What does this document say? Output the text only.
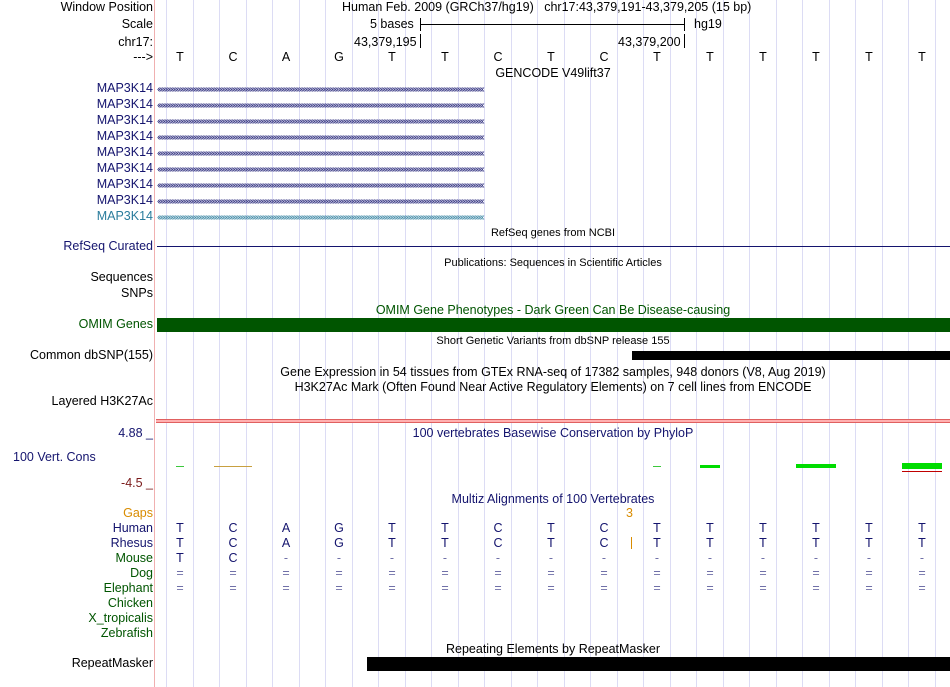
Window Position	Human Feb. 2009 (GRCh37/hg19) chr17:43,379,191-43,379,205 (15 bp)
Scale	5 bases	hg19
chr17:	43,379,195	43,379,200
--->	T	C	A	G	T	T	C	T	C	T	T	T	T	T	T
GENCODE V49lift37
MAP3K14 ‹‹‹‹‹‹‹‹‹‹‹‹‹‹‹‹‹‹‹‹‹‹‹‹‹‹‹‹‹‹‹‹‹‹‹‹‹‹‹‹‹‹‹‹‹‹‹‹‹‹‹‹‹‹‹‹‹‹‹‹‹‹‹‹‹‹‹‹‹‹‹‹‹‹‹‹‹‹‹‹‹‹‹‹‹‹‹‹‹‹‹‹‹‹‹‹‹‹‹‹‹‹‹‹‹‹‹‹‹‹‹‹‹‹‹‹‹‹‹‹‹‹‹‹‹‹‹‹‹‹‹‹‹‹‹‹‹‹‹‹‹‹‹‹‹‹‹‹‹‹‹‹‹‹‹‹‹‹‹‹‹‹‹‹‹‹‹‹‹‹‹‹‹‹‹‹‹‹‹‹‹‹‹‹‹‹‹‹‹‹‹‹‹‹‹‹‹‹‹‹
MAP3K14 ‹‹‹‹‹‹‹‹‹‹‹‹‹‹‹‹‹‹‹‹‹‹‹‹‹‹‹‹‹‹‹‹‹‹‹‹‹‹‹‹‹‹‹‹‹‹‹‹‹‹‹‹‹‹‹‹‹‹‹‹‹‹‹‹‹‹‹‹‹‹‹‹‹‹‹‹‹‹‹‹‹‹‹‹‹‹‹‹‹‹‹‹‹‹‹‹‹‹‹‹‹‹‹‹‹‹‹‹‹‹‹‹‹‹‹‹‹‹‹‹‹‹‹‹‹‹‹‹‹‹‹‹‹‹‹‹‹‹‹‹‹‹‹‹‹‹‹‹‹‹‹‹‹‹‹‹‹‹‹‹‹‹‹‹‹‹‹‹‹‹‹‹‹‹‹‹‹‹‹‹‹‹‹‹‹‹‹‹‹‹‹‹‹‹‹‹‹‹‹‹
MAP3K14 ‹‹‹‹‹‹‹‹‹‹‹‹‹‹‹‹‹‹‹‹‹‹‹‹‹‹‹‹‹‹‹‹‹‹‹‹‹‹‹‹‹‹‹‹‹‹‹‹‹‹‹‹‹‹‹‹‹‹‹‹‹‹‹‹‹‹‹‹‹‹‹‹‹‹‹‹‹‹‹‹‹‹‹‹‹‹‹‹‹‹‹‹‹‹‹‹‹‹‹‹‹‹‹‹‹‹‹‹‹‹‹‹‹‹‹‹‹‹‹‹‹‹‹‹‹‹‹‹‹‹‹‹‹‹‹‹‹‹‹‹‹‹‹‹‹‹‹‹‹‹‹‹‹‹‹‹‹‹‹‹‹‹‹‹‹‹‹‹‹‹‹‹‹‹‹‹‹‹‹‹‹‹‹‹‹‹‹‹‹‹‹‹‹‹‹‹‹‹‹‹
MAP3K14 ‹‹‹‹‹‹‹‹‹‹‹‹‹‹‹‹‹‹‹‹‹‹‹‹‹‹‹‹‹‹‹‹‹‹‹‹‹‹‹‹‹‹‹‹‹‹‹‹‹‹‹‹‹‹‹‹‹‹‹‹‹‹‹‹‹‹‹‹‹‹‹‹‹‹‹‹‹‹‹‹‹‹‹‹‹‹‹‹‹‹‹‹‹‹‹‹‹‹‹‹‹‹‹‹‹‹‹‹‹‹‹‹‹‹‹‹‹‹‹‹‹‹‹‹‹‹‹‹‹‹‹‹‹‹‹‹‹‹‹‹‹‹‹‹‹‹‹‹‹‹‹‹‹‹‹‹‹‹‹‹‹‹‹‹‹‹‹‹‹‹‹‹‹‹‹‹‹‹‹‹‹‹‹‹‹‹‹‹‹‹‹‹‹‹‹‹‹‹‹‹
MAP3K14 ‹‹‹‹‹‹‹‹‹‹‹‹‹‹‹‹‹‹‹‹‹‹‹‹‹‹‹‹‹‹‹‹‹‹‹‹‹‹‹‹‹‹‹‹‹‹‹‹‹‹‹‹‹‹‹‹‹‹‹‹‹‹‹‹‹‹‹‹‹‹‹‹‹‹‹‹‹‹‹‹‹‹‹‹‹‹‹‹‹‹‹‹‹‹‹‹‹‹‹‹‹‹‹‹‹‹‹‹‹‹‹‹‹‹‹‹‹‹‹‹‹‹‹‹‹‹‹‹‹‹‹‹‹‹‹‹‹‹‹‹‹‹‹‹‹‹‹‹‹‹‹‹‹‹‹‹‹‹‹‹‹‹‹‹‹‹‹‹‹‹‹‹‹‹‹‹‹‹‹‹‹‹‹‹‹‹‹‹‹‹‹‹‹‹‹‹‹‹‹‹
MAP3K14 ‹‹‹‹‹‹‹‹‹‹‹‹‹‹‹‹‹‹‹‹‹‹‹‹‹‹‹‹‹‹‹‹‹‹‹‹‹‹‹‹‹‹‹‹‹‹‹‹‹‹‹‹‹‹‹‹‹‹‹‹‹‹‹‹‹‹‹‹‹‹‹‹‹‹‹‹‹‹‹‹‹‹‹‹‹‹‹‹‹‹‹‹‹‹‹‹‹‹‹‹‹‹‹‹‹‹‹‹‹‹‹‹‹‹‹‹‹‹‹‹‹‹‹‹‹‹‹‹‹‹‹‹‹‹‹‹‹‹‹‹‹‹‹‹‹‹‹‹‹‹‹‹‹‹‹‹‹‹‹‹‹‹‹‹‹‹‹‹‹‹‹‹‹‹‹‹‹‹‹‹‹‹‹‹‹‹‹‹‹‹‹‹‹‹‹‹‹‹‹‹
MAP3K14 ‹‹‹‹‹‹‹‹‹‹‹‹‹‹‹‹‹‹‹‹‹‹‹‹‹‹‹‹‹‹‹‹‹‹‹‹‹‹‹‹‹‹‹‹‹‹‹‹‹‹‹‹‹‹‹‹‹‹‹‹‹‹‹‹‹‹‹‹‹‹‹‹‹‹‹‹‹‹‹‹‹‹‹‹‹‹‹‹‹‹‹‹‹‹‹‹‹‹‹‹‹‹‹‹‹‹‹‹‹‹‹‹‹‹‹‹‹‹‹‹‹‹‹‹‹‹‹‹‹‹‹‹‹‹‹‹‹‹‹‹‹‹‹‹‹‹‹‹‹‹‹‹‹‹‹‹‹‹‹‹‹‹‹‹‹‹‹‹‹‹‹‹‹‹‹‹‹‹‹‹‹‹‹‹‹‹‹‹‹‹‹‹‹‹‹‹‹‹‹‹
MAP3K14 ‹‹‹‹‹‹‹‹‹‹‹‹‹‹‹‹‹‹‹‹‹‹‹‹‹‹‹‹‹‹‹‹‹‹‹‹‹‹‹‹‹‹‹‹‹‹‹‹‹‹‹‹‹‹‹‹‹‹‹‹‹‹‹‹‹‹‹‹‹‹‹‹‹‹‹‹‹‹‹‹‹‹‹‹‹‹‹‹‹‹‹‹‹‹‹‹‹‹‹‹‹‹‹‹‹‹‹‹‹‹‹‹‹‹‹‹‹‹‹‹‹‹‹‹‹‹‹‹‹‹‹‹‹‹‹‹‹‹‹‹‹‹‹‹‹‹‹‹‹‹‹‹‹‹‹‹‹‹‹‹‹‹‹‹‹‹‹‹‹‹‹‹‹‹‹‹‹‹‹‹‹‹‹‹‹‹‹‹‹‹‹‹‹‹‹‹‹‹‹‹
MAP3K14 ‹‹‹‹‹‹‹‹‹‹‹‹‹‹‹‹‹‹‹‹‹‹‹‹‹‹‹‹‹‹‹‹‹‹‹‹‹‹‹‹‹‹‹‹‹‹‹‹‹‹‹‹‹‹‹‹‹‹‹‹‹‹‹‹‹‹‹‹‹‹‹‹‹‹‹‹‹‹‹‹‹‹‹‹‹‹‹‹‹‹‹‹‹‹‹‹‹‹‹‹‹‹‹‹‹‹‹‹‹‹‹‹‹‹‹‹‹‹‹‹‹‹‹‹‹‹‹‹‹‹‹‹‹‹‹‹‹‹‹‹‹‹‹‹‹‹‹‹‹‹‹‹‹‹‹‹‹‹‹‹‹‹‹‹‹‹‹‹‹‹‹‹‹‹‹‹‹‹‹‹‹‹‹‹‹‹‹‹‹‹‹‹‹‹‹‹‹‹‹‹
RefSeq genes from NCBI
RefSeq Curated
Publications: Sequences in Scientific Articles
Sequences
SNPs
OMIM Gene Phenotypes - Dark Green Can Be Disease-causing
OMIM Genes
Short Genetic Variants from dbSNP release 155
Common dbSNP(155)
Gene Expression in 54 tissues from GTEx RNA-seq of 17382 samples, 948 donors (V8, Aug 2019)
H3K27Ac Mark (Often Found Near Active Regulatory Elements) on 7 cell lines from ENCODE
Layered H3K27Ac
4.88 _	100 vertebrates Basewise Conservation by PhyloP
100 Vert. Cons
-4.5 _
Multiz Alignments of 100 Vertebrates
Gaps	3
Human	T	C	A	G	T	T	C	T	C	T	T	T	T	T	T
Rhesus	T	C	A	G	T	T	C	T	C	T	T	T	T	T	T
Mouse	T	C	-	-	-	-	-	-	-	-	-	-	-	-	-
Dog	=	=	=	=	=	=	=	=	=	=	=	=	=	=	=
Elephant	=	=	=	=	=	=	=	=	=	=	=	=	=	=	=
Chicken
X_tropicalis
Zebrafish
Repeating Elements by RepeatMasker
RepeatMasker
